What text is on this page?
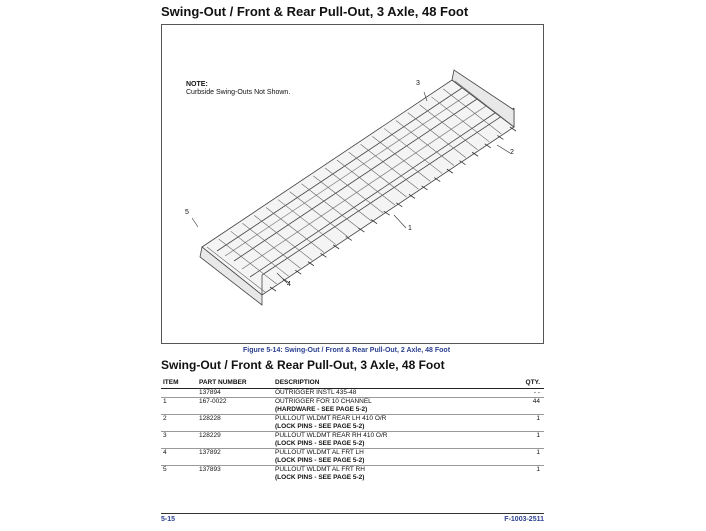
Swing-Out / Front & Rear Pull-Out, 3 Axle, 48 Foot
NOTE:
Curbside Swing-Outs Not Shown.
1
2
3
4
5
Figure 5-14: Swing-Out / Front & Rear Pull-Out, 2 Axle, 48 Foot
Swing-Out / Front & Rear Pull-Out, 3 Axle, 48 Foot
ITEM	PART NUMBER	DESCRIPTION	QTY.
	137894	OUTRIGGER INSTL 435-48	- -
1	167-0022	OUTRIGGER FOR 10 CHANNEL
(HARDWARE - SEE PAGE 5-2)	44
2	128228	PULLOUT WLDMT REAR LH 410 O/R
(LOCK PINS - SEE PAGE 5-2)	1
3	128229	PULLOUT WLDMT REAR RH 410 O/R
(LOCK PINS - SEE PAGE 5-2)	1
4	137892	PULLOUT WLDMT AL FRT LH
(LOCK PINS - SEE PAGE 5-2)	1
5	137893	PULLOUT WLDMT AL FRT RH
(LOCK PINS - SEE PAGE 5-2)	1
5-15	F-1003-2511
